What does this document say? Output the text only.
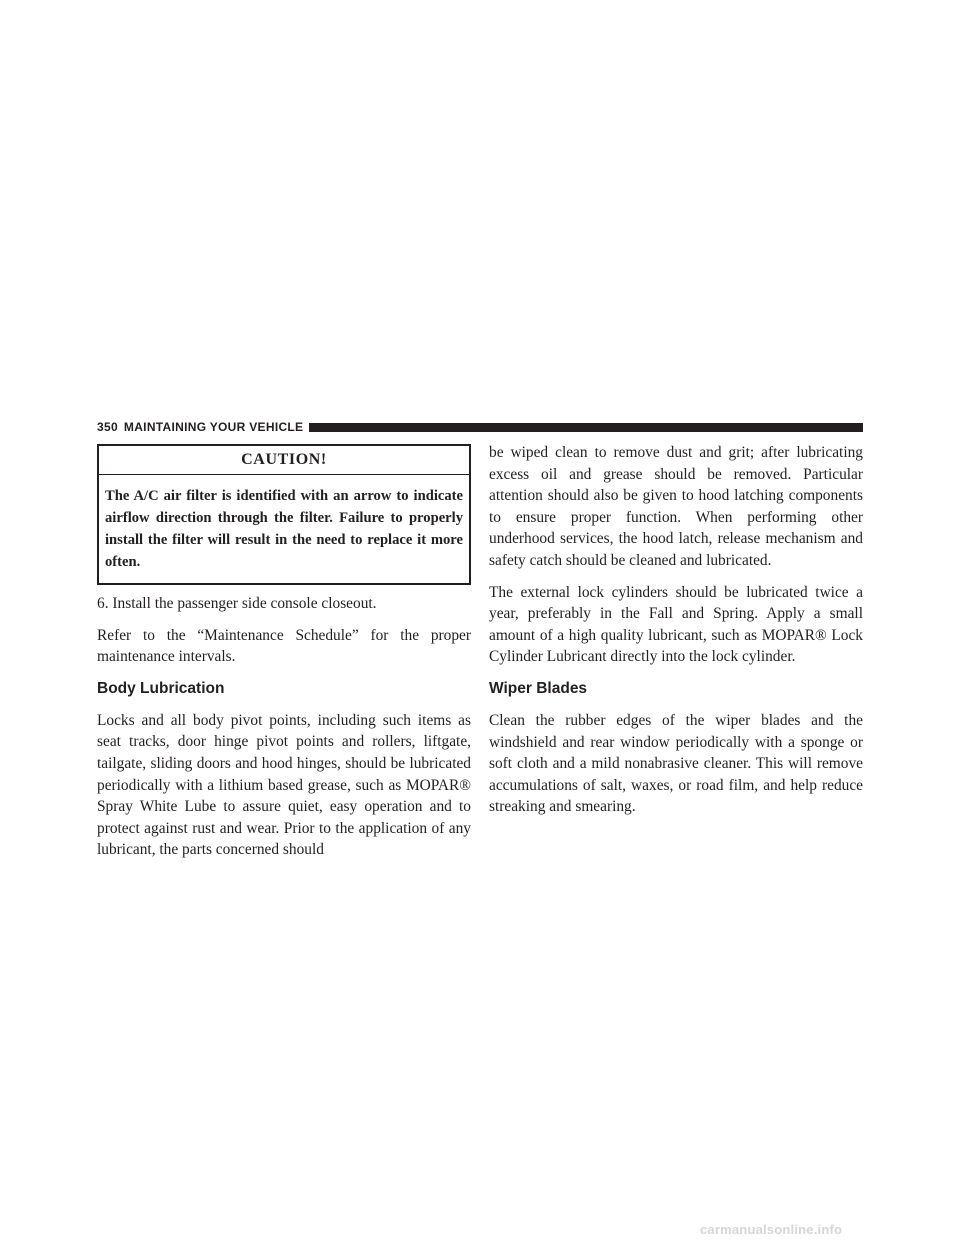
350 MAINTAINING YOUR VEHICLE
CAUTION!
The A/C air filter is identified with an arrow to indicate airflow direction through the filter. Failure to properly install the filter will result in the need to replace it more often.

6. Install the passenger side console closeout.

Refer to the “Maintenance Schedule” for the proper maintenance intervals.

Body Lubrication

Locks and all body pivot points, including such items as seat tracks, door hinge pivot points and rollers, liftgate, tailgate, sliding doors and hood hinges, should be lubricated periodically with a lithium based grease, such as MOPAR® Spray White Lube to assure quiet, easy operation and to protect against rust and wear. Prior to the application of any lubricant, the parts concerned should

be wiped clean to remove dust and grit; after lubricating excess oil and grease should be removed. Particular attention should also be given to hood latching components to ensure proper function. When performing other underhood services, the hood latch, release mechanism and safety catch should be cleaned and lubricated.

The external lock cylinders should be lubricated twice a year, preferably in the Fall and Spring. Apply a small amount of a high quality lubricant, such as MOPAR® Lock Cylinder Lubricant directly into the lock cylinder.

Wiper Blades

Clean the rubber edges of the wiper blades and the windshield and rear window periodically with a sponge or soft cloth and a mild nonabrasive cleaner. This will remove accumulations of salt, waxes, or road film, and help reduce streaking and smearing.

carmanualsonline.info
